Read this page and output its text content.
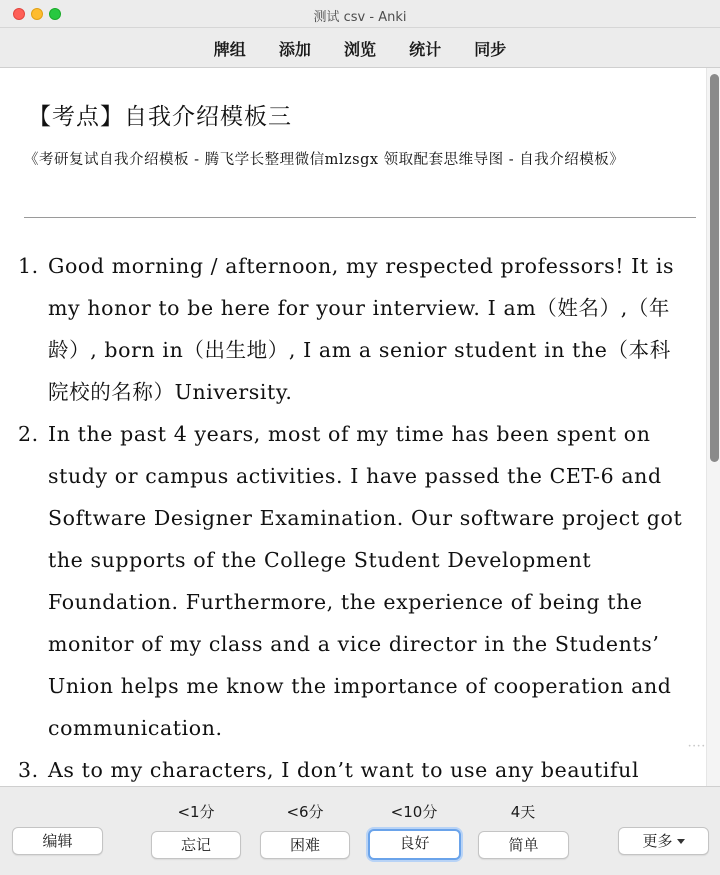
测试 csv - Anki
牌组 添加 浏览 统计 同步
【考点】自我介绍模板三
《考研复试自我介绍模板 - 腾飞学长整理微信mlzsgx 领取配套思维导图 - 自我介绍模板》
1. Good morning / afternoon, my respected professors! It is my honor to be here for your interview. I am（姓名）,（年龄）, born in（出生地）, I am a senior student in the（本科院校的名称）University.
2. In the past 4 years, most of my time has been spent on study or campus activities. I have passed the CET-6 and Software Designer Examination. Our software project got the supports of the College Student Development Foundation. Furthermore, the experience of being the monitor of my class and a vice director in the Students’ Union helps me know the importance of cooperation and communication.
3. As to my characters, I don’t want to use any beautiful
••••
编辑
<1分
忘记
<6分
困难
<10分
良好
4天
简单	更多
